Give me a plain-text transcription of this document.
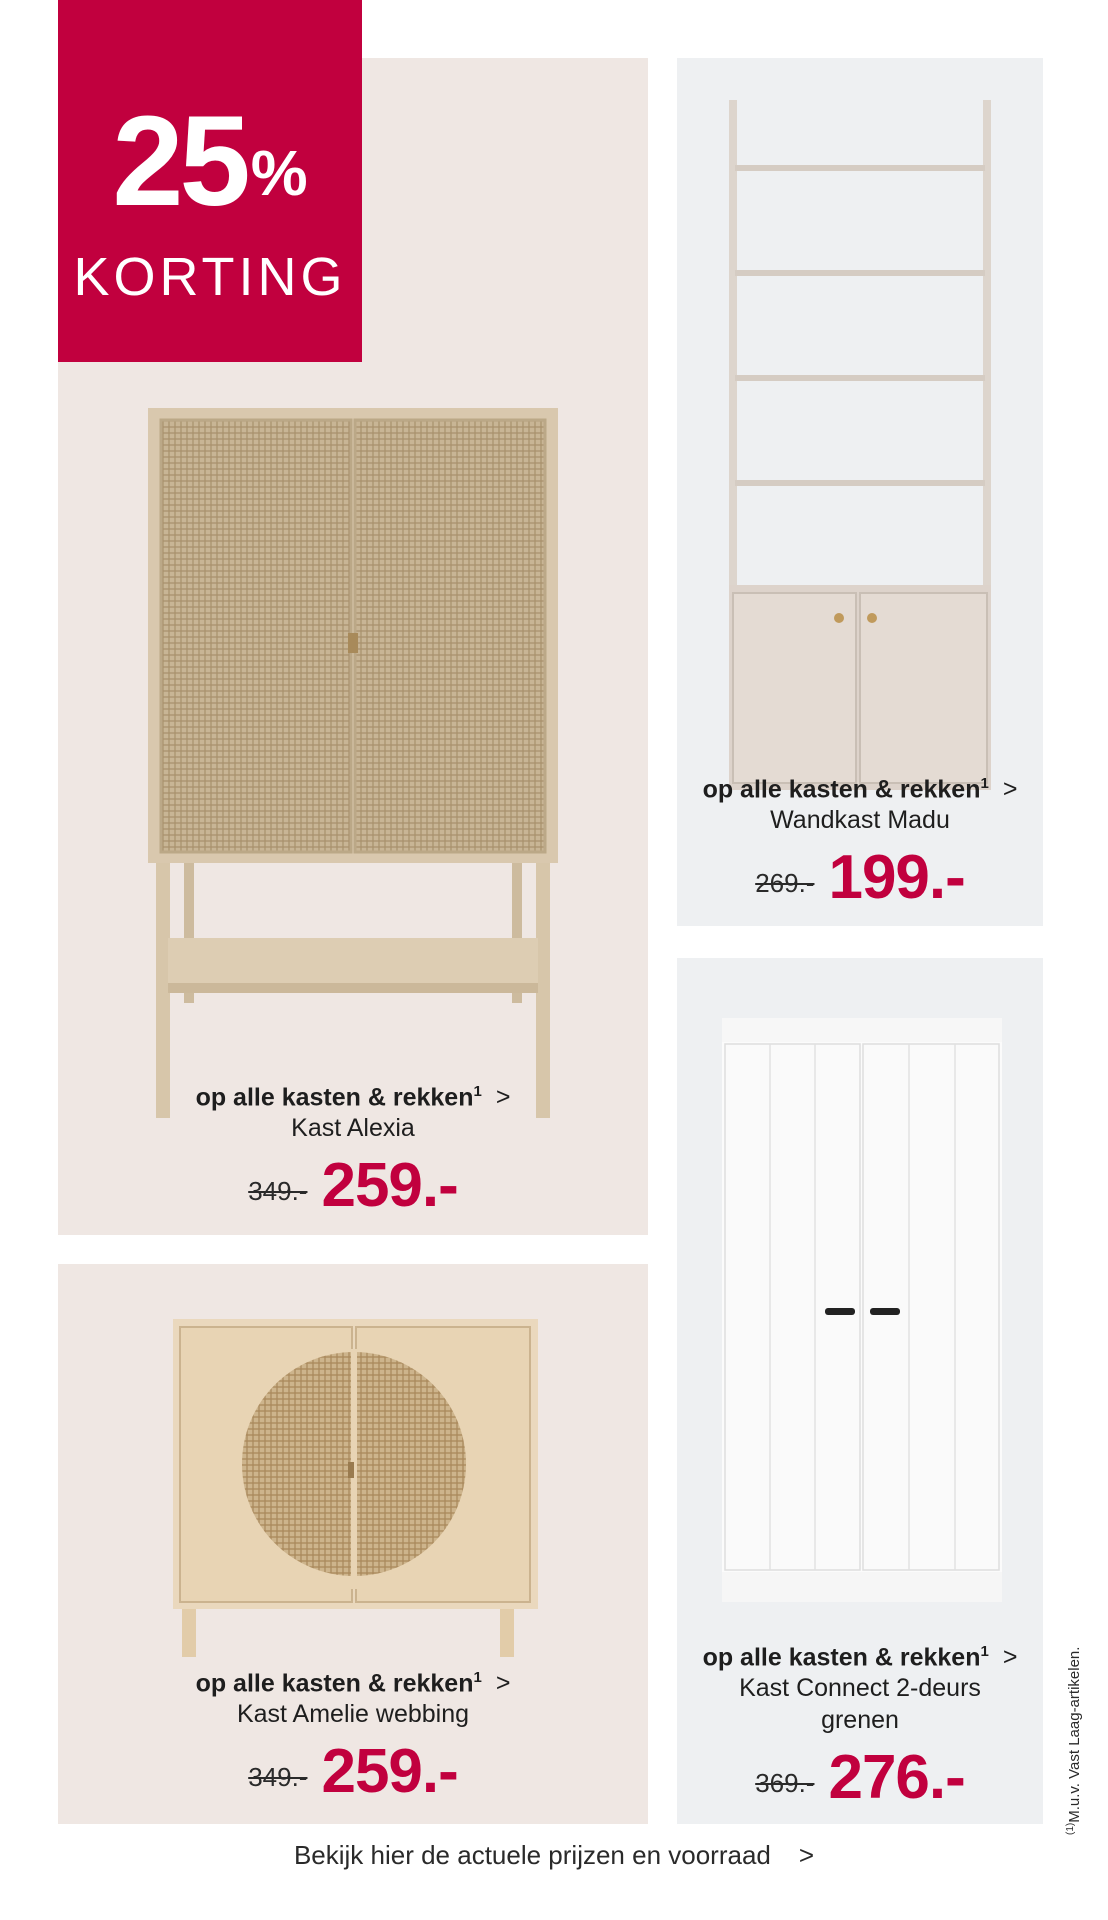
op alle kasten & rekken$^1$ >
Kast Alexia
349.- 259.-
25%
KORTING
op alle kasten & rekken$^1$ >
Wandkast Madu
269.- 199.-
op alle kasten & rekken$^1$ >
Kast Amelie webbing
349.- 259.-
op alle kasten & rekken$^1$ >
Kast Connect 2-deurs
grenen
369.- 276.-
$^{(1)}$M.u.v. Vast Laag-artikelen.
Bekijk hier de actuele prijzen en voorraad >
